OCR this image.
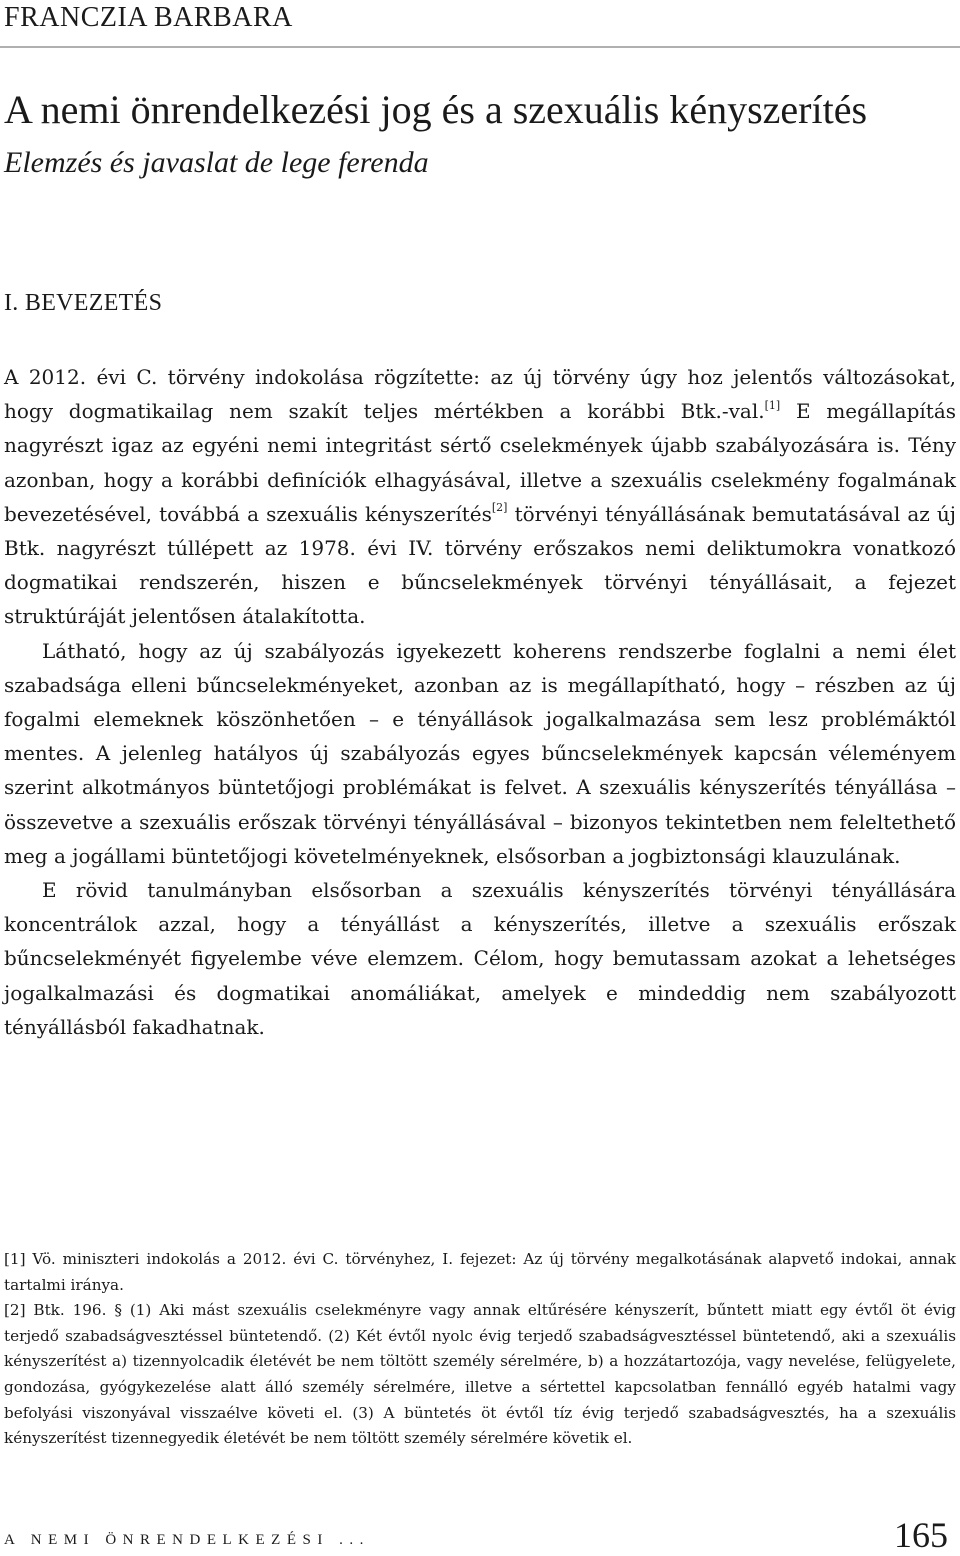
FRANCZIA BARBARA
A nemi önrendelkezési jog és a szexuális kényszerítés
Elemzés és javaslat de lege ferenda
I. BEVEZETÉS

A 2012. évi C. törvény indokolása rögzítette: az új törvény úgy hoz jelentős változásokat, hogy dogmatikailag nem szakít teljes mértékben a korábbi Btk.-val.[1] E megállapítás nagyrészt igaz az egyéni nemi integritást sértő cselekmények újabb szabályozására is. Tény azonban, hogy a korábbi definíciók elhagyásával, illetve a szexuális cselekmény fogalmának bevezetésével, továbbá a szexuális kényszerítés[2] törvényi tényállásának bemutatásával az új Btk. nagyrészt túllépett az 1978. évi IV. törvény erőszakos nemi deliktumokra vonatkozó dogmatikai rendszerén, hiszen e bűncselekmények törvényi tényállásait, a fejezet struktúráját jelentősen átalakította.

Látható, hogy az új szabályozás igyekezett koherens rendszerbe foglalni a nemi élet szabadsága elleni bűncselekményeket, azonban az is megállapítható, hogy – részben az új fogalmi elemeknek köszönhetően – e tényállások jogalkalmazása sem lesz problémáktól mentes. A jelenleg hatályos új szabályozás egyes bűncselekmények kapcsán véleményem szerint alkotmányos büntetőjogi problémákat is felvet. A szexuális kényszerítés tényállása – összevetve a szexuális erőszak törvényi tényállásával – bizonyos tekintetben nem feleltethető meg a jogállami büntetőjogi követelményeknek, elsősorban a jogbiztonsági klauzulának.

E rövid tanulmányban elsősorban a szexuális kényszerítés törvényi tényállására koncentrálok azzal, hogy a tényállást a kényszerítés, illetve a szexuális erőszak bűncselekményét figyelembe véve elemzem. Célom, hogy bemutassam azokat a lehetséges jogalkalmazási és dogmatikai anomáliákat, amelyek e mindeddig nem szabályozott tényállásból fakadhatnak.

[1] Vö. miniszteri indokolás a 2012. évi C. törvényhez, I. fejezet: Az új törvény megalkotásának alapvető indokai, annak tartalmi iránya.

[2] Btk. 196. § (1) Aki mást szexuális cselekményre vagy annak eltűrésére kényszerít, bűntett miatt egy évtől öt évig terjedő szabadságvesztéssel büntetendő. (2) Két évtől nyolc évig terjedő szabadságvesztéssel büntetendő, aki a szexuális kényszerítést a) tizennyolcadik életévét be nem töltött személy sérelmére, b) a hozzátartozója, vagy nevelése, felügyelete, gondozása, gyógykezelése alatt álló személy sérelmére, illetve a sértettel kapcsolatban fennálló egyéb hatalmi vagy befolyási viszonyával visszaélve követi el. (3) A büntetés öt évtől tíz évig terjedő szabadságvesztés, ha a szexuális kényszerítést tizennegyedik életévét be nem töltött személy sérelmére követik el.

A NEMI ÖNRENDELKEZÉSI ...	165
